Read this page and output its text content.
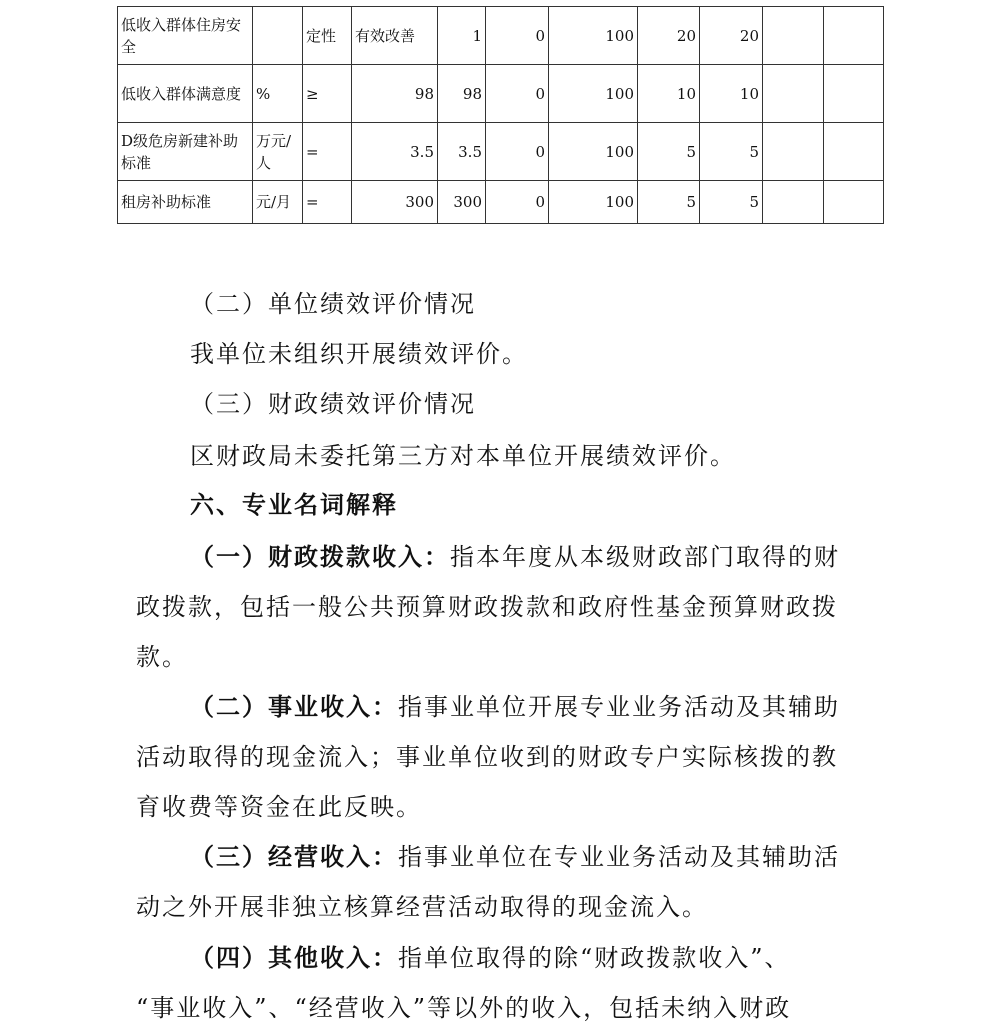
低收入群体住房安全		定性	有效改善	1	0	100	20	20		
低收入群体满意度	%	≥	98	98	0	100	10	10		
D级危房新建补助标准	万元/人	=	3.5	3.5	0	100	5	5		
租房补助标准	元/月	=	300	300	0	100	5	5		

（二）单位绩效评价情况

我单位未组织开展绩效评价。

（三）财政绩效评价情况

区财政局未委托第三方对本单位开展绩效评价。

六、专业名词解释

（一）财政拨款收入：指本年度从本级财政部门取得的财

政拨款，包括一般公共预算财政拨款和政府性基金预算财政拨

款。

（二）事业收入：指事业单位开展专业业务活动及其辅助

活动取得的现金流入；事业单位收到的财政专户实际核拨的教

育收费等资金在此反映。

（三）经营收入：指事业单位在专业业务活动及其辅助活

动之外开展非独立核算经营活动取得的现金流入。

（四）其他收入：指单位取得的除“财政拨款收入”、

“事业收入”、“经营收入”等以外的收入，包括未纳入财政
